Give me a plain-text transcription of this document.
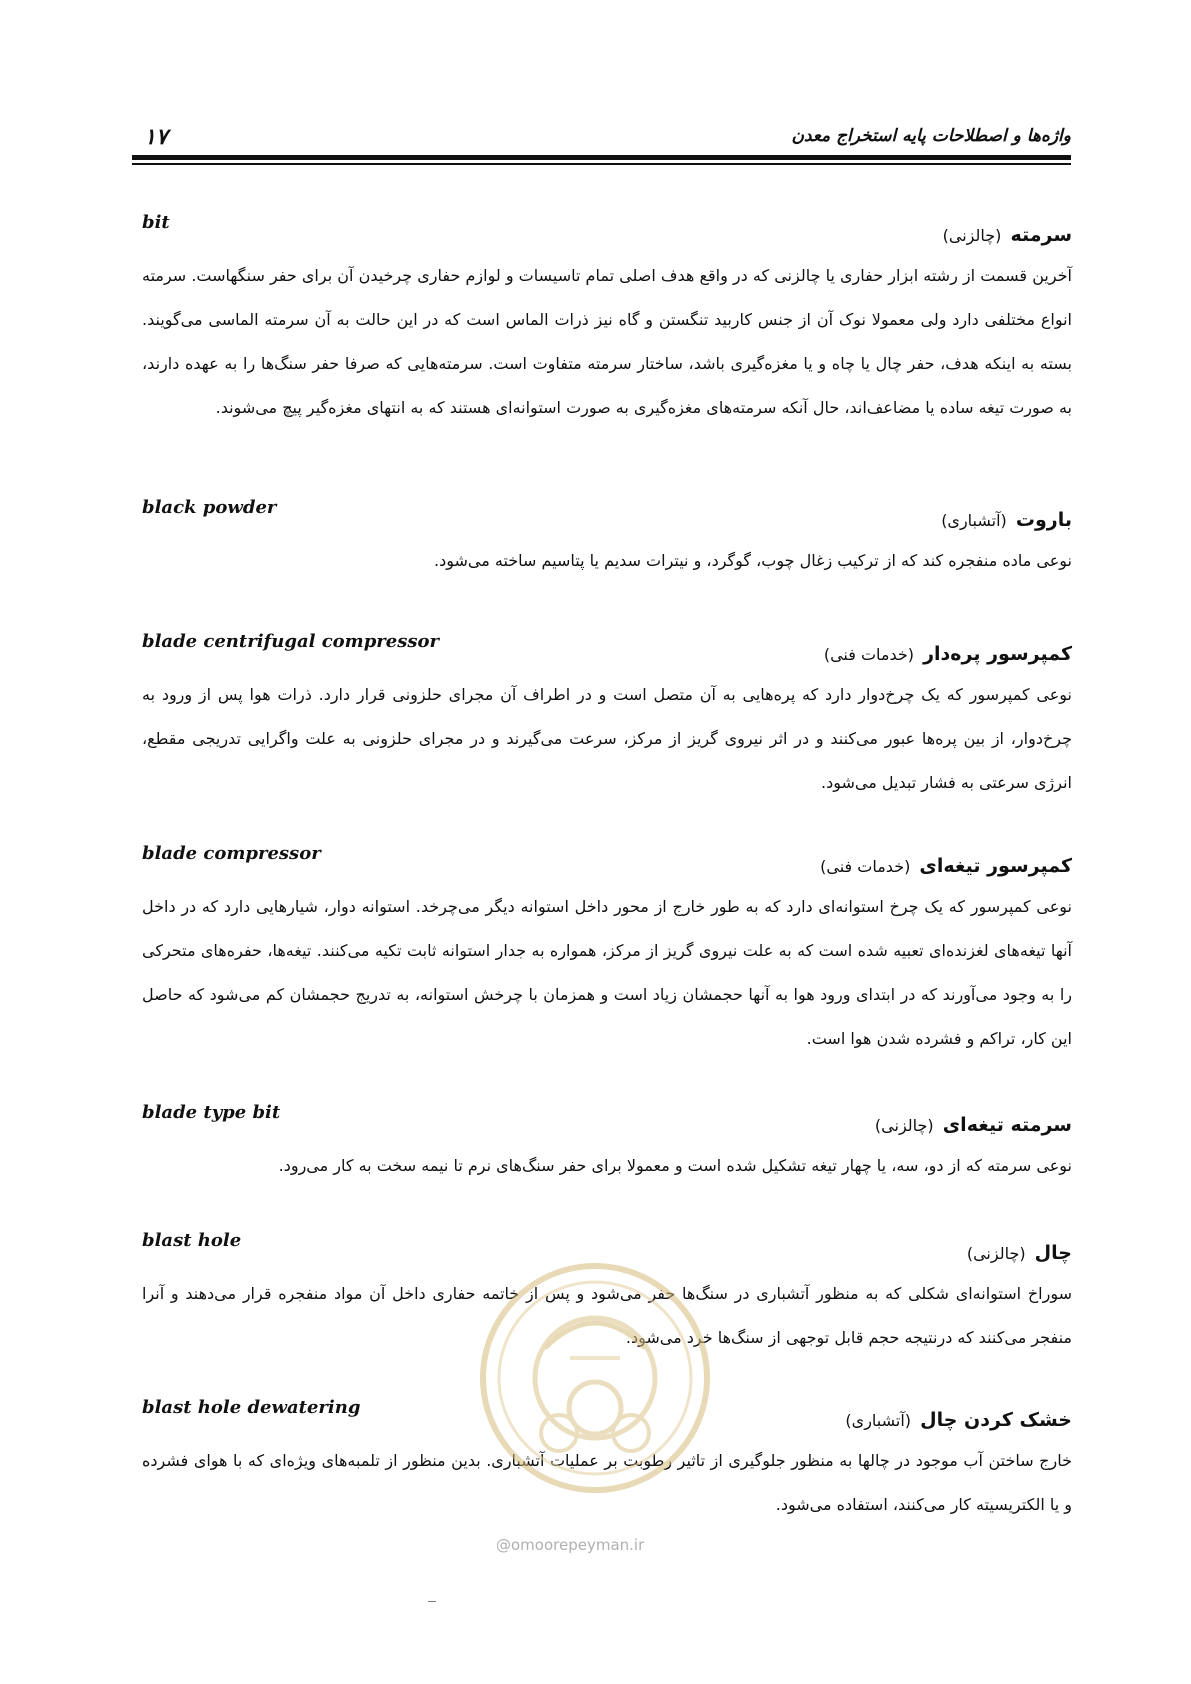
۱۷	واژه‌ها و اصطلاحات پایه استخراج معدن
bit
سرمته (چالزنی)
آخرین قسمت از رشته ابزار حفاری یا چالزنی که در واقع هدف اصلی تمام تاسیسات و لوازم حفاری چرخیدن آن برای حفر سنگهاست. سرمته انواع مختلفی دارد ولی معمولا نوک آن از جنس کاربید تنگستن و گاه نیز ذرات الماس است که در این حالت به آن سرمته الماسی می‌گویند. بسته به اینکه هدف، حفر چال یا چاه و یا مغزه‌گیری باشد، ساختار سرمته متفاوت است. سرمته‌هایی که صرفا حفر سنگ‌ها را به عهده دارند، به صورت تیغه ساده یا مضاعف‌اند، حال آنکه سرمته‌های مغزه‌گیری به صورت استوانه‌ای هستند که به انتهای مغزه‌گیر پیچ می‌شوند.
black powder
باروت (آتشباری)
نوعی ماده منفجره کند که از ترکیب زغال چوب، گوگرد، و نیترات سدیم یا پتاسیم ساخته می‌شود.
blade centrifugal compressor
کمپرسور پره‌دار (خدمات فنی)
نوعی کمپرسور که یک چرخ‌دوار دارد که پره‌هایی به آن متصل است و در اطراف آن مجرای حلزونی قرار دارد. ذرات هوا پس از ورود به چرخ‌دوار، از بین پره‌ها عبور می‌کنند و در اثر نیروی گریز از مرکز، سرعت می‌گیرند و در مجرای حلزونی به علت واگرایی تدریجی مقطع، انرژی سرعتی به فشار تبدیل می‌شود.
blade compressor
کمپرسور تیغه‌ای (خدمات فنی)
نوعی کمپرسور که یک چرخ استوانه‌ای دارد که به طور خارج از محور داخل استوانه دیگر می‌چرخد. استوانه دوار، شیارهایی دارد که در داخل آنها تیغه‌های لغزنده‌ای تعبیه شده است که به علت نیروی گریز از مرکز، همواره به جدار استوانه ثابت تکیه می‌کنند. تیغه‌ها، حفره‌های متحرکی را به وجود می‌آورند که در ابتدای ورود هوا به آنها حجمشان زیاد است و همزمان با چرخش استوانه، به تدریج حجمشان کم می‌شود که حاصل این کار، تراکم و فشرده شدن هوا است.
blade type bit
سرمته تیغه‌ای (چالزنی)
نوعی سرمته که از دو، سه، یا چهار تیغه تشکیل شده است و معمولا برای حفر سنگ‌های نرم تا نیمه سخت به کار می‌رود.
blast hole
چال (چالزنی)
سوراخ استوانه‌ای شکلی که به منظور آتشباری در سنگ‌ها حفر می‌شود و پس از خاتمه حفاری داخل آن مواد منفجره قرار می‌دهند و آنرا منفجر می‌کنند که درنتیجه حجم قابل توجهی از سنگ‌ها خرد می‌شود.
blast hole dewatering
خشک کردن چال (آتشباری)
خارج ساختن آب موجود در چالها به منظور جلوگیری از تاثیر رطوبت بر عملیات آتشباری. بدین منظور از تلمبه‌های ویژه‌ای که با هوای فشرده و یا الکتریسیته کار می‌کنند، استفاده می‌شود.
@omoorepeyman.ir
